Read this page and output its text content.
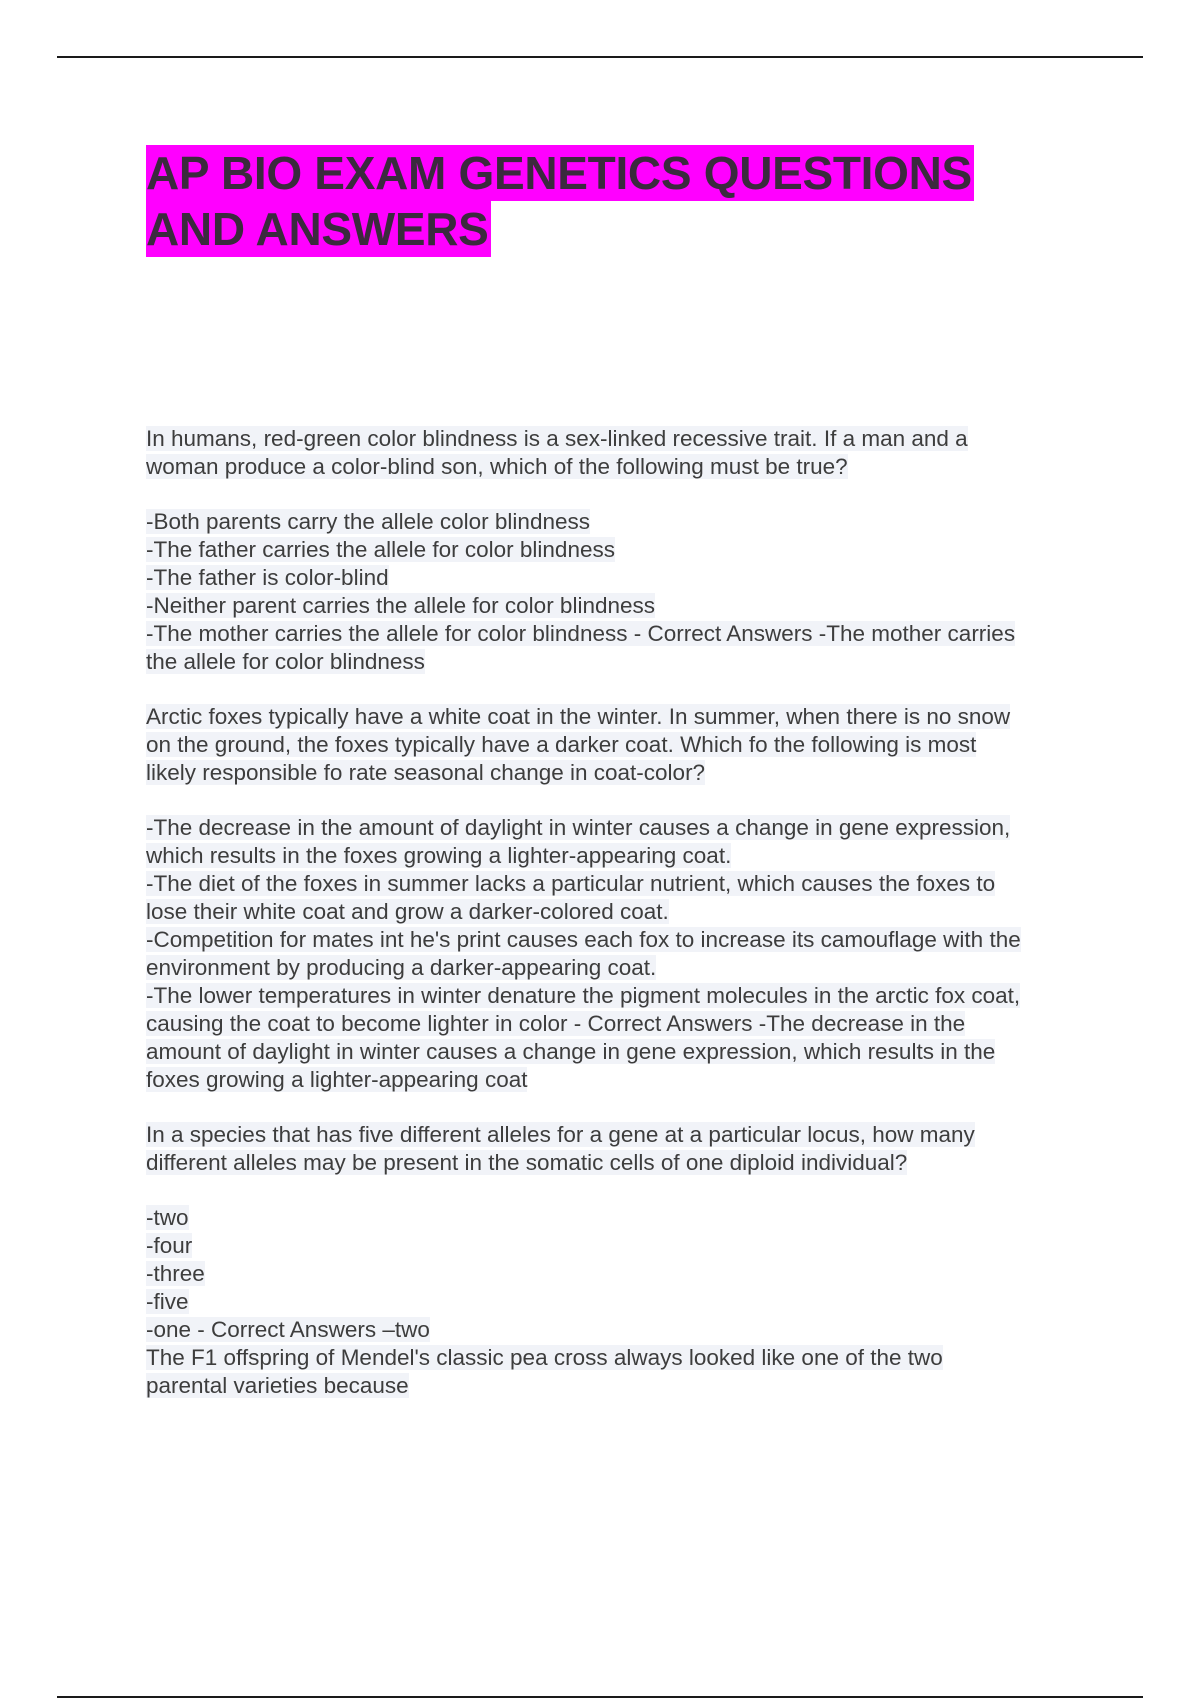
AP BIO EXAM GENETICS QUESTIONS
AND ANSWERS
In humans, red-green color blindness is a sex-linked recessive trait. If a man and a
woman produce a color-blind son, which of the following must be true?
-Both parents carry the allele color blindness
-The father carries the allele for color blindness
-The father is color-blind
-Neither parent carries the allele for color blindness
-The mother carries the allele for color blindness - Correct Answers -The mother carries
the allele for color blindness
Arctic foxes typically have a white coat in the winter. In summer, when there is no snow
on the ground, the foxes typically have a darker coat. Which fo the following is most
likely responsible fo rate seasonal change in coat-color?
-The decrease in the amount of daylight in winter causes a change in gene expression,
which results in the foxes growing a lighter-appearing coat.
-The diet of the foxes in summer lacks a particular nutrient, which causes the foxes to
lose their white coat and grow a darker-colored coat.
-Competition for mates int he's print causes each fox to increase its camouflage with the
environment by producing a darker-appearing coat.
-The lower temperatures in winter denature the pigment molecules in the arctic fox coat,
causing the coat to become lighter in color - Correct Answers -The decrease in the
amount of daylight in winter causes a change in gene expression, which results in the
foxes growing a lighter-appearing coat
In a species that has five different alleles for a gene at a particular locus, how many
different alleles may be present in the somatic cells of one diploid individual?
-two
-four
-three
-five
-one - Correct Answers –two
The F1 offspring of Mendel's classic pea cross always looked like one of the two
parental varieties because
